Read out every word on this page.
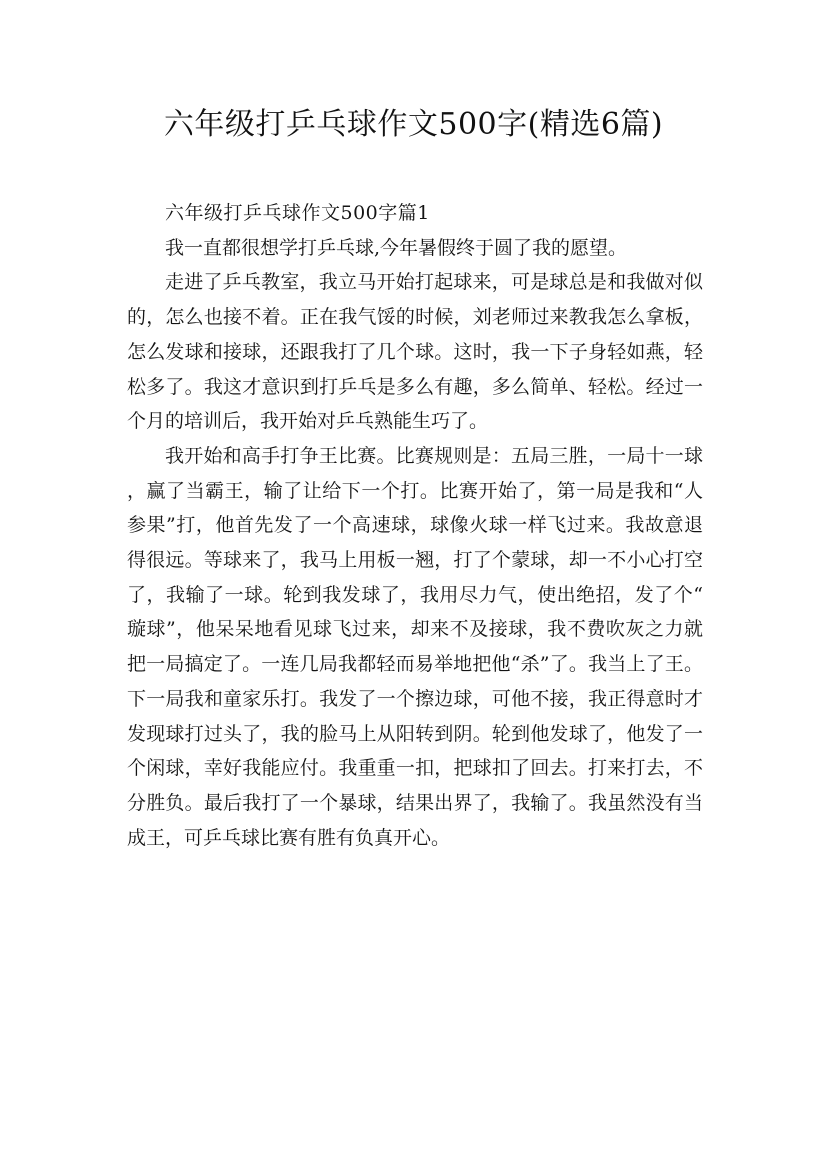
六年级打乒乓球作文500字(精选6篇)

六年级打乒乓球作文500字篇1

我一直都很想学打乒乓球,今年暑假终于圆了我的愿望。

走进了乒乓教室，我立马开始打起球来，可是球总是和我做对似的，怎么也接不着。正在我气馁的时候，刘老师过来教我怎么拿板，怎么发球和接球，还跟我打了几个球。这时，我一下子身轻如燕，轻松多了。我这才意识到打乒乓是多么有趣，多么简单、轻松。经过一个月的培训后，我开始对乒乓熟能生巧了。

我开始和高手打争王比赛。比赛规则是：五局三胜，一局十一球，赢了当霸王，输了让给下一个打。比赛开始了，第一局是我和“人参果”打，他首先发了一个高速球，球像火球一样飞过来。我故意退得很远。等球来了，我马上用板一翘，打了个蒙球，却一不小心打空了，我输了一球。轮到我发球了，我用尽力气，使出绝招，发了个“璇球”，他呆呆地看见球飞过来，却来不及接球，我不费吹灰之力就把一局搞定了。一连几局我都轻而易举地把他“杀”了。我当上了王。下一局我和童家乐打。我发了一个擦边球，可他不接，我正得意时才发现球打过头了，我的脸马上从阳转到阴。轮到他发球了，他发了一个闲球，幸好我能应付。我重重一扣，把球扣了回去。打来打去，不分胜负。最后我打了一个暴球，结果出界了，我输了。我虽然没有当成王，可乒乓球比赛有胜有负真开心。
